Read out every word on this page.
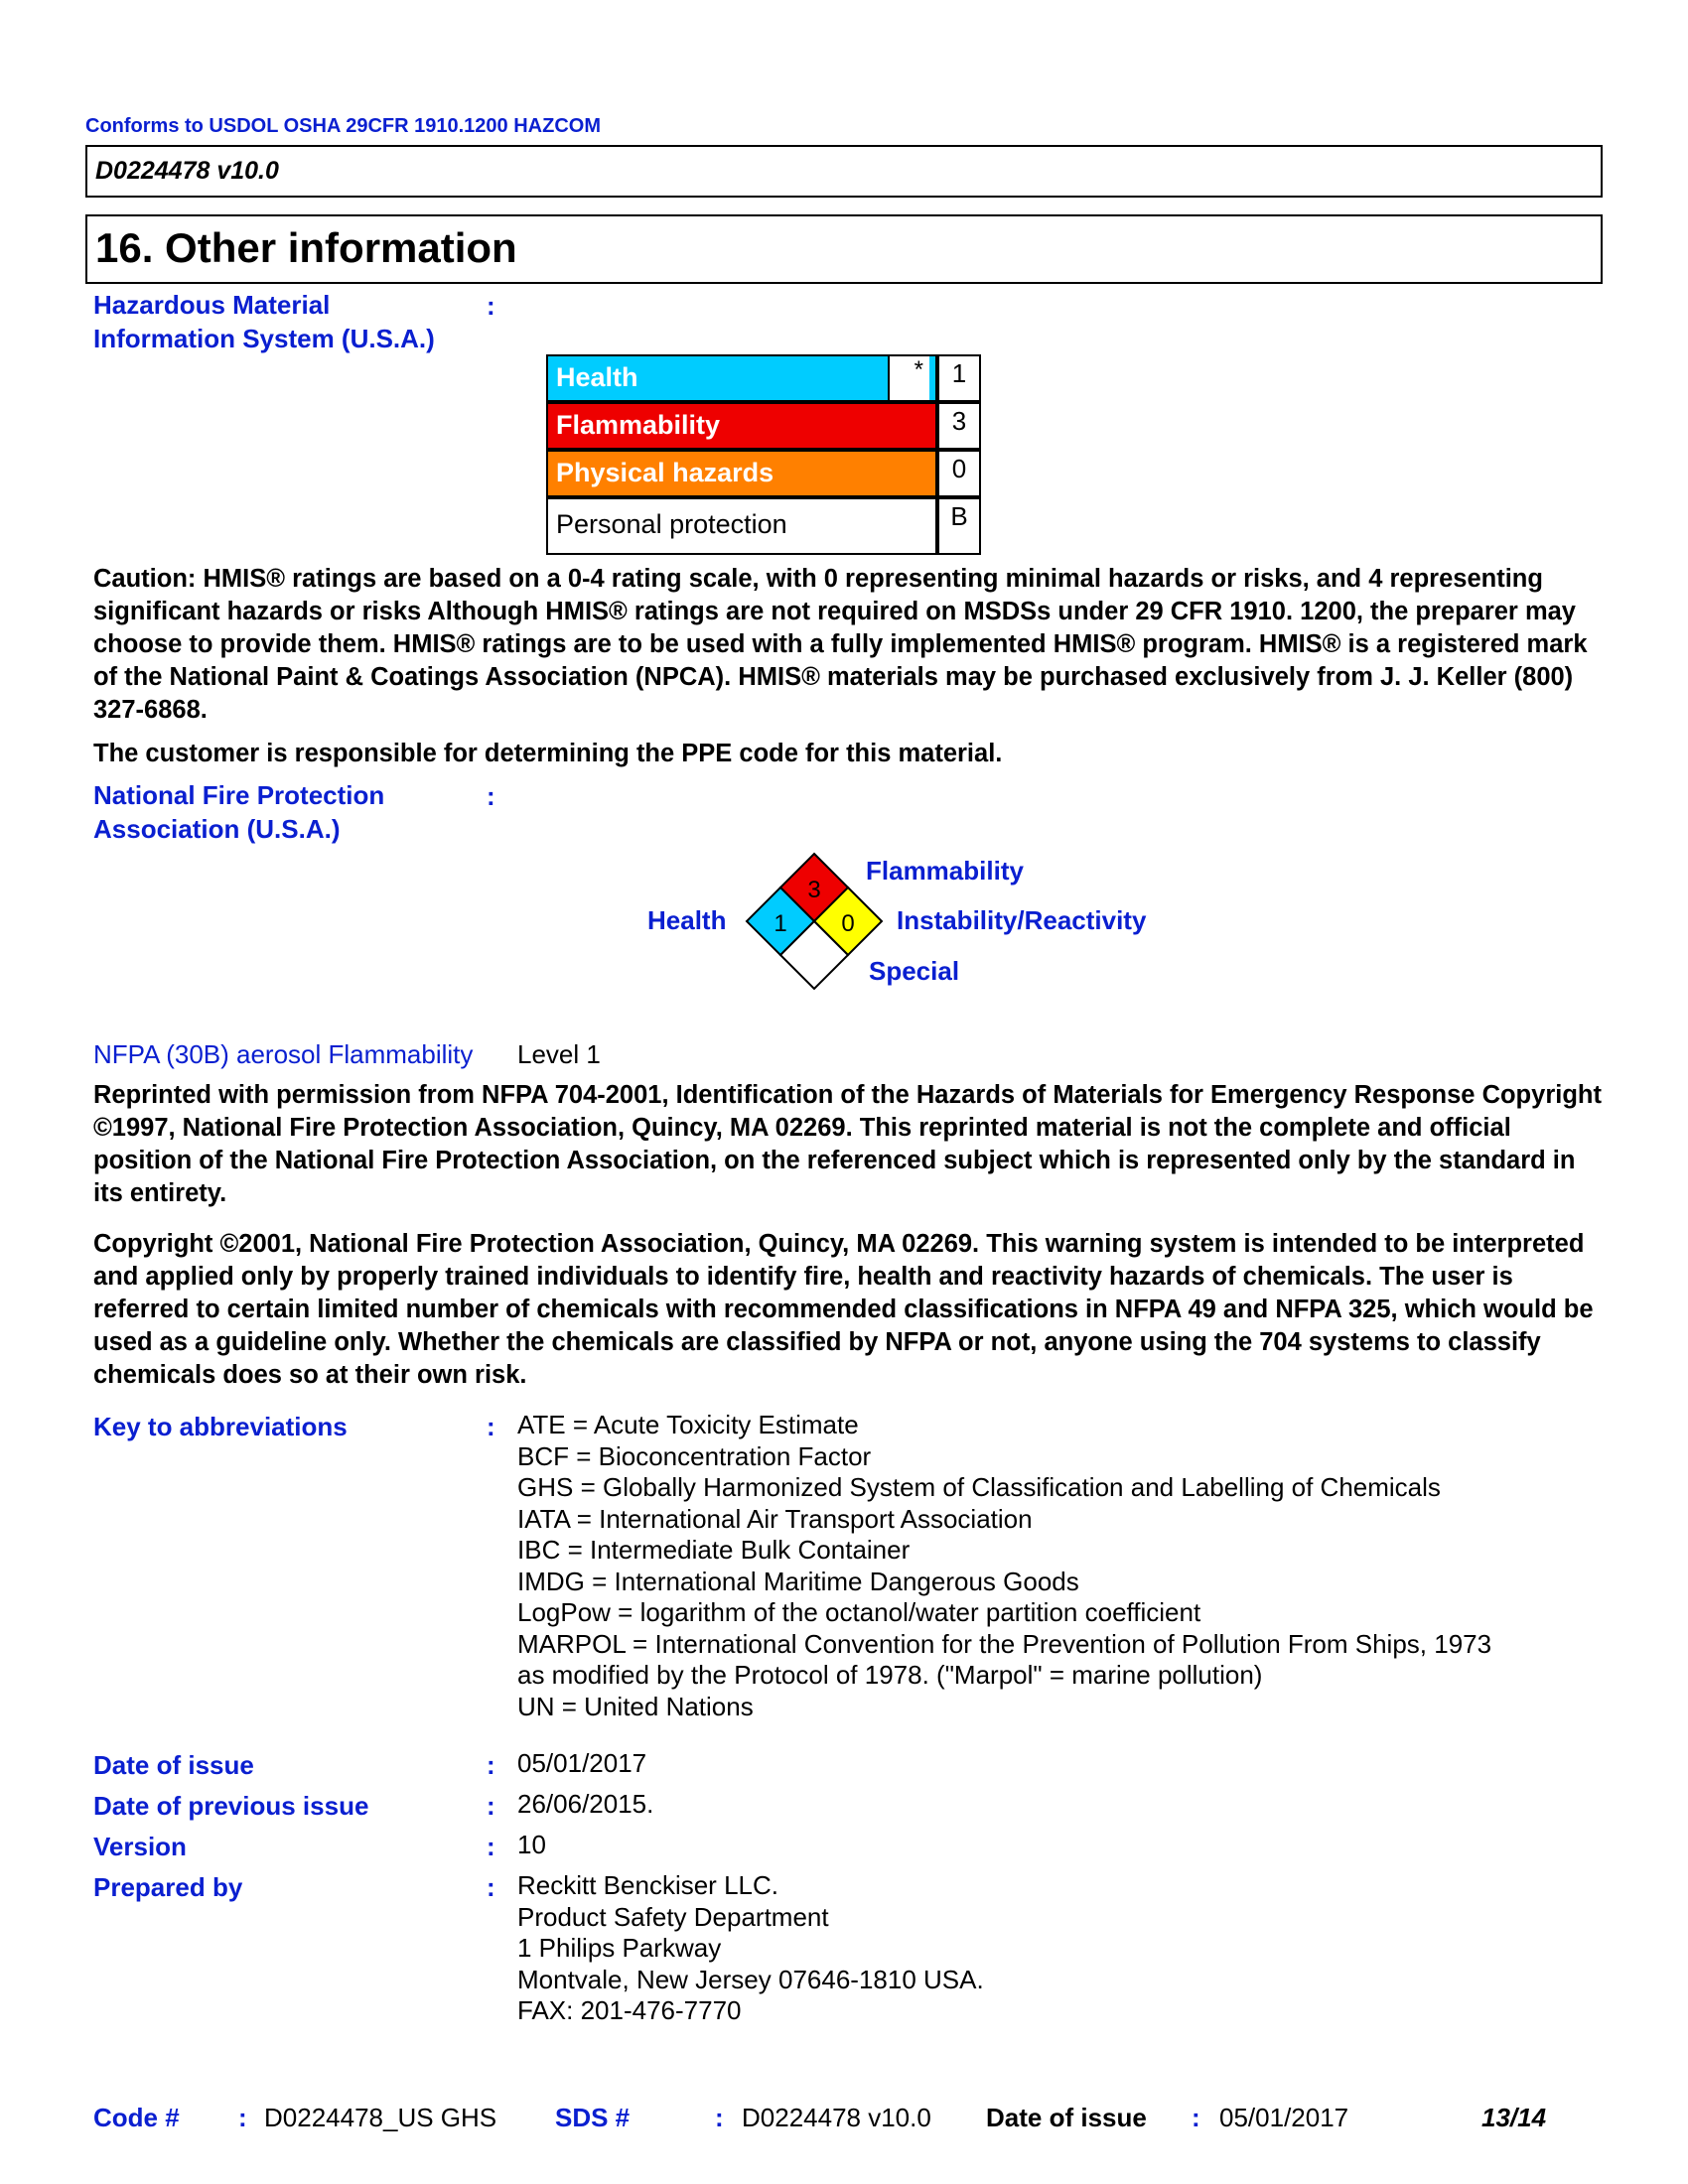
Conforms to USDOL OSHA 29CFR 1910.1200 HAZCOM
D0224478 v10.0
16. Other information
Hazardous Material
Information System (U.S.A.)
:
Health	*	1
Flammability	3
Physical hazards	0
Personal protection	B
Caution: HMIS® ratings are based on a 0-4 rating scale, with 0 representing minimal hazards or risks, and 4 representing significant hazards or risks Although HMIS® ratings are not required on MSDSs under 29 CFR 1910. 1200, the preparer may choose to provide them. HMIS® ratings are to be used with a fully implemented HMIS® program. HMIS® is a registered mark of the National Paint & Coatings Association (NPCA). HMIS® materials may be purchased exclusively from J. J. Keller (800) 327-6868.
The customer is responsible for determining the PPE code for this material.
National Fire Protection
Association (U.S.A.)
:
3
1 0
Flammability
Health	Instability/Reactivity
Special
NFPA (30B) aerosol Flammability Level 1
Reprinted with permission from NFPA 704-2001, Identification of the Hazards of Materials for Emergency Response Copyright ©1997, National Fire Protection Association, Quincy, MA 02269. This reprinted material is not the complete and official position of the National Fire Protection Association, on the referenced subject which is represented only by the standard in its entirety.
Copyright ©2001, National Fire Protection Association, Quincy, MA 02269. This warning system is intended to be interpreted and applied only by properly trained individuals to identify fire, health and reactivity hazards of chemicals. The user is referred to certain limited number of chemicals with recommended classifications in NFPA 49 and NFPA 325, which would be used as a guideline only. Whether the chemicals are classified by NFPA or not, anyone using the 704 systems to classify chemicals does so at their own risk.
Key to abbreviations	: ATE = Acute Toxicity Estimate
BCF = Bioconcentration Factor
GHS = Globally Harmonized System of Classification and Labelling of Chemicals
IATA = International Air Transport Association
IBC = Intermediate Bulk Container
IMDG = International Maritime Dangerous Goods
LogPow = logarithm of the octanol/water partition coefficient
MARPOL = International Convention for the Prevention of Pollution From Ships, 1973
as modified by the Protocol of 1978. ("Marpol" = marine pollution)
UN = United Nations
Date of issue	: 05/01/2017
Date of previous issue	: 26/06/2015.
Version	: 10
Prepared by	: Reckitt Benckiser LLC.
Product Safety Department
1 Philips Parkway
Montvale, New Jersey 07646-1810 USA.
FAX: 201-476-7770
Code # : D0224478_US GHS SDS #	: D0224478 v10.0 Date of issue : 05/01/2017	13/14
